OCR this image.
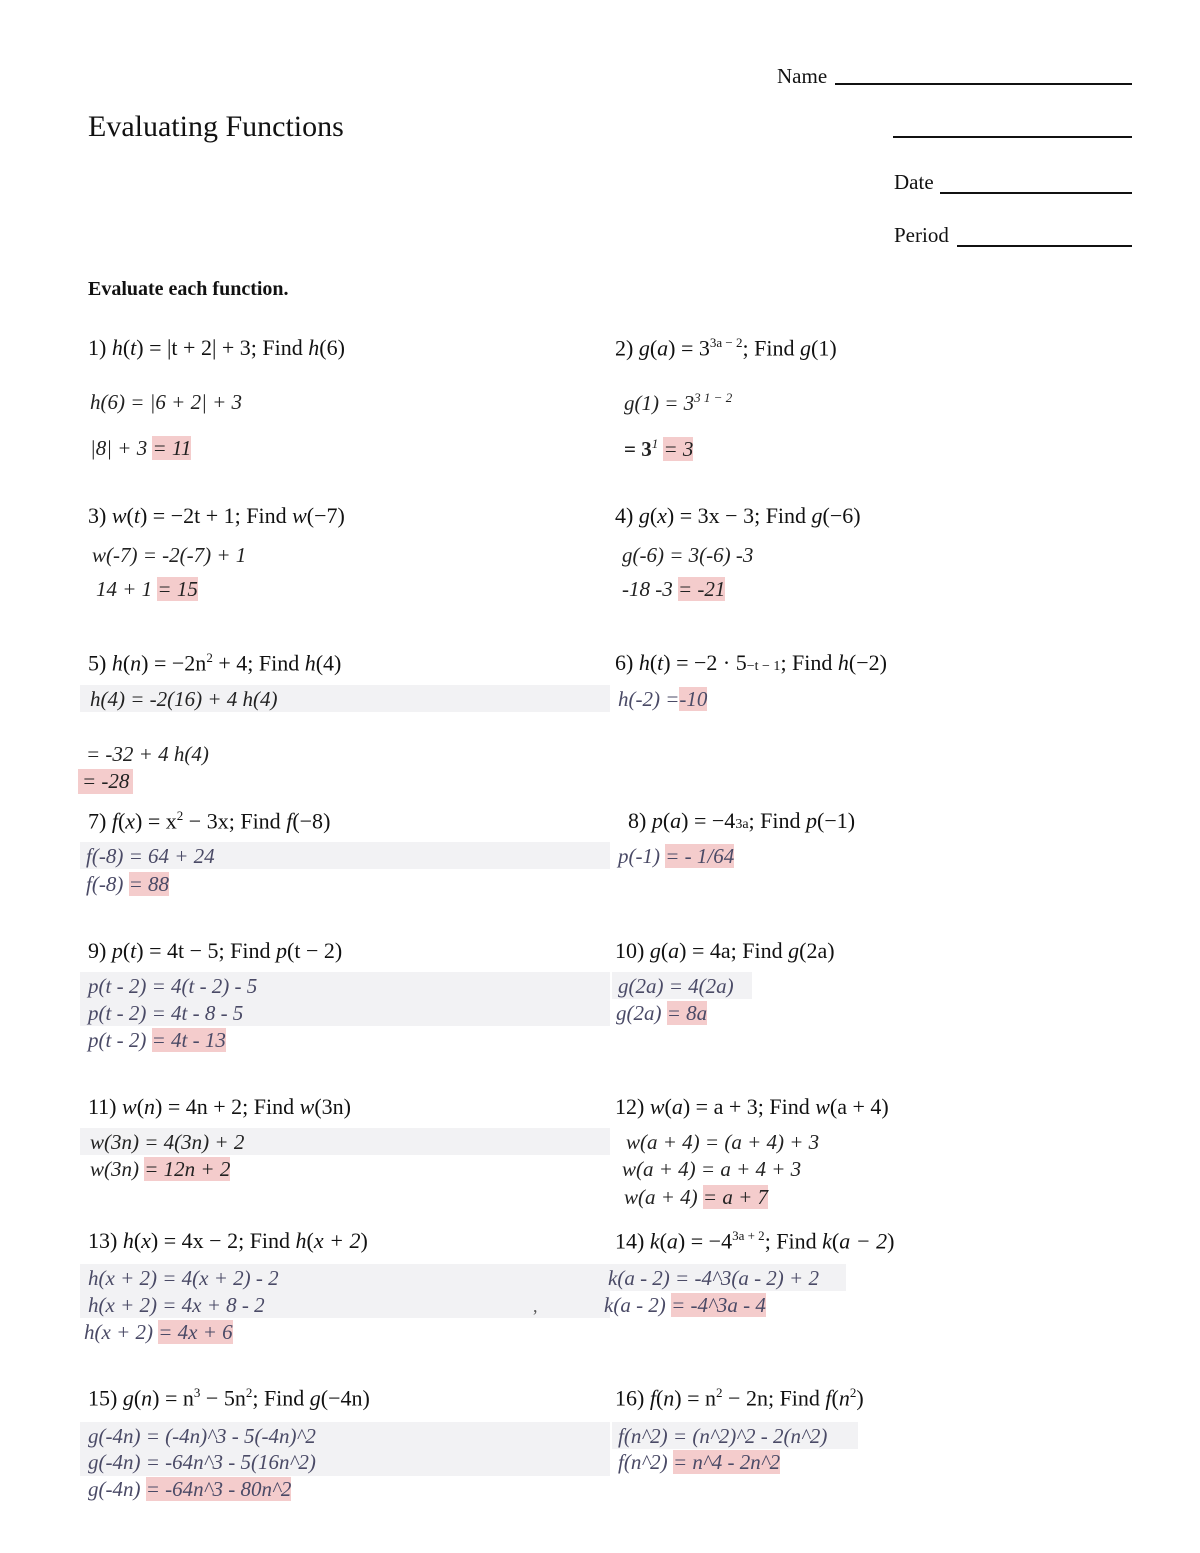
Name
Evaluating Functions
Date
Period
Evaluate each function.
1) h(t) = |t + 2| + 3; Find h(6)
h(6) = |6 + 2| + 3
|8| + 3 = 11
2) $g(a) = 3^{3a - 2}$; Find g(1)
$g(1) = 3^{3 1 - 2}$
= $3^1 = 3$
3) w(t) = −2t + 1; Find w(−7)
w(-7) = -2(-7) + 1
14 + 1 = 15
4) g(x) = 3x − 3; Find g(−6)
g(-6) = 3(-6) -3
-18 -3 = -21
5) $h(n) = -2n^2 + 4$; Find h(4)
h(4) = -2(16) + 4 h(4)
= -32 + 4 h(4)
= -28
6) h(t) = −2 · 5−t − 1; Find h(−2)
h(-2) =-10
7) $f(x) = x^2 - 3x$; Find f(−8)
f(-8) = 64 + 24
f(-8) = 88
8) p(a) = −43a; Find p(−1)
p(-1) = - 1/64
9) p(t) = 4t − 5; Find p(t − 2)
p(t - 2) = 4(t - 2) - 5
p(t - 2) = 4t - 8 - 5
p(t - 2) = 4t - 13
10) g(a) = 4a; Find g(2a)
g(2a) = 4(2a)
g(2a) = 8a
11) w(n) = 4n + 2; Find w(3n)
w(3n) = 4(3n) + 2
w(3n) = 12n + 2
12) w(a) = a + 3; Find w(a + 4)
w(a + 4) = (a + 4) + 3
w(a + 4) = a + 4 + 3
w(a + 4) = a + 7
13) h(x) = 4x − 2; Find h(x + 2)
h(x + 2) = 4(x + 2) - 2
h(x + 2) = 4x + 8 - 2
h(x + 2) = 4x + 6
,
14) $k(a) = -4^{3a + 2}$; Find k(a − 2)
k(a - 2) = -4^3(a - 2) + 2
k(a - 2) = -4^3a - 4
15) $g(n) = n^3 - 5n^2$; Find g(−4n)
g(-4n) = (-4n)^3 - 5(-4n)^2
g(-4n) = -64n^3 - 5(16n^2)
g(-4n) = -64n^3 - 80n^2
16) $f(n) = n^2 - 2n$; Find $f(n^2)$
f(n^2) = (n^2)^2 - 2(n^2)
f(n^2) = n^4 - 2n^2
